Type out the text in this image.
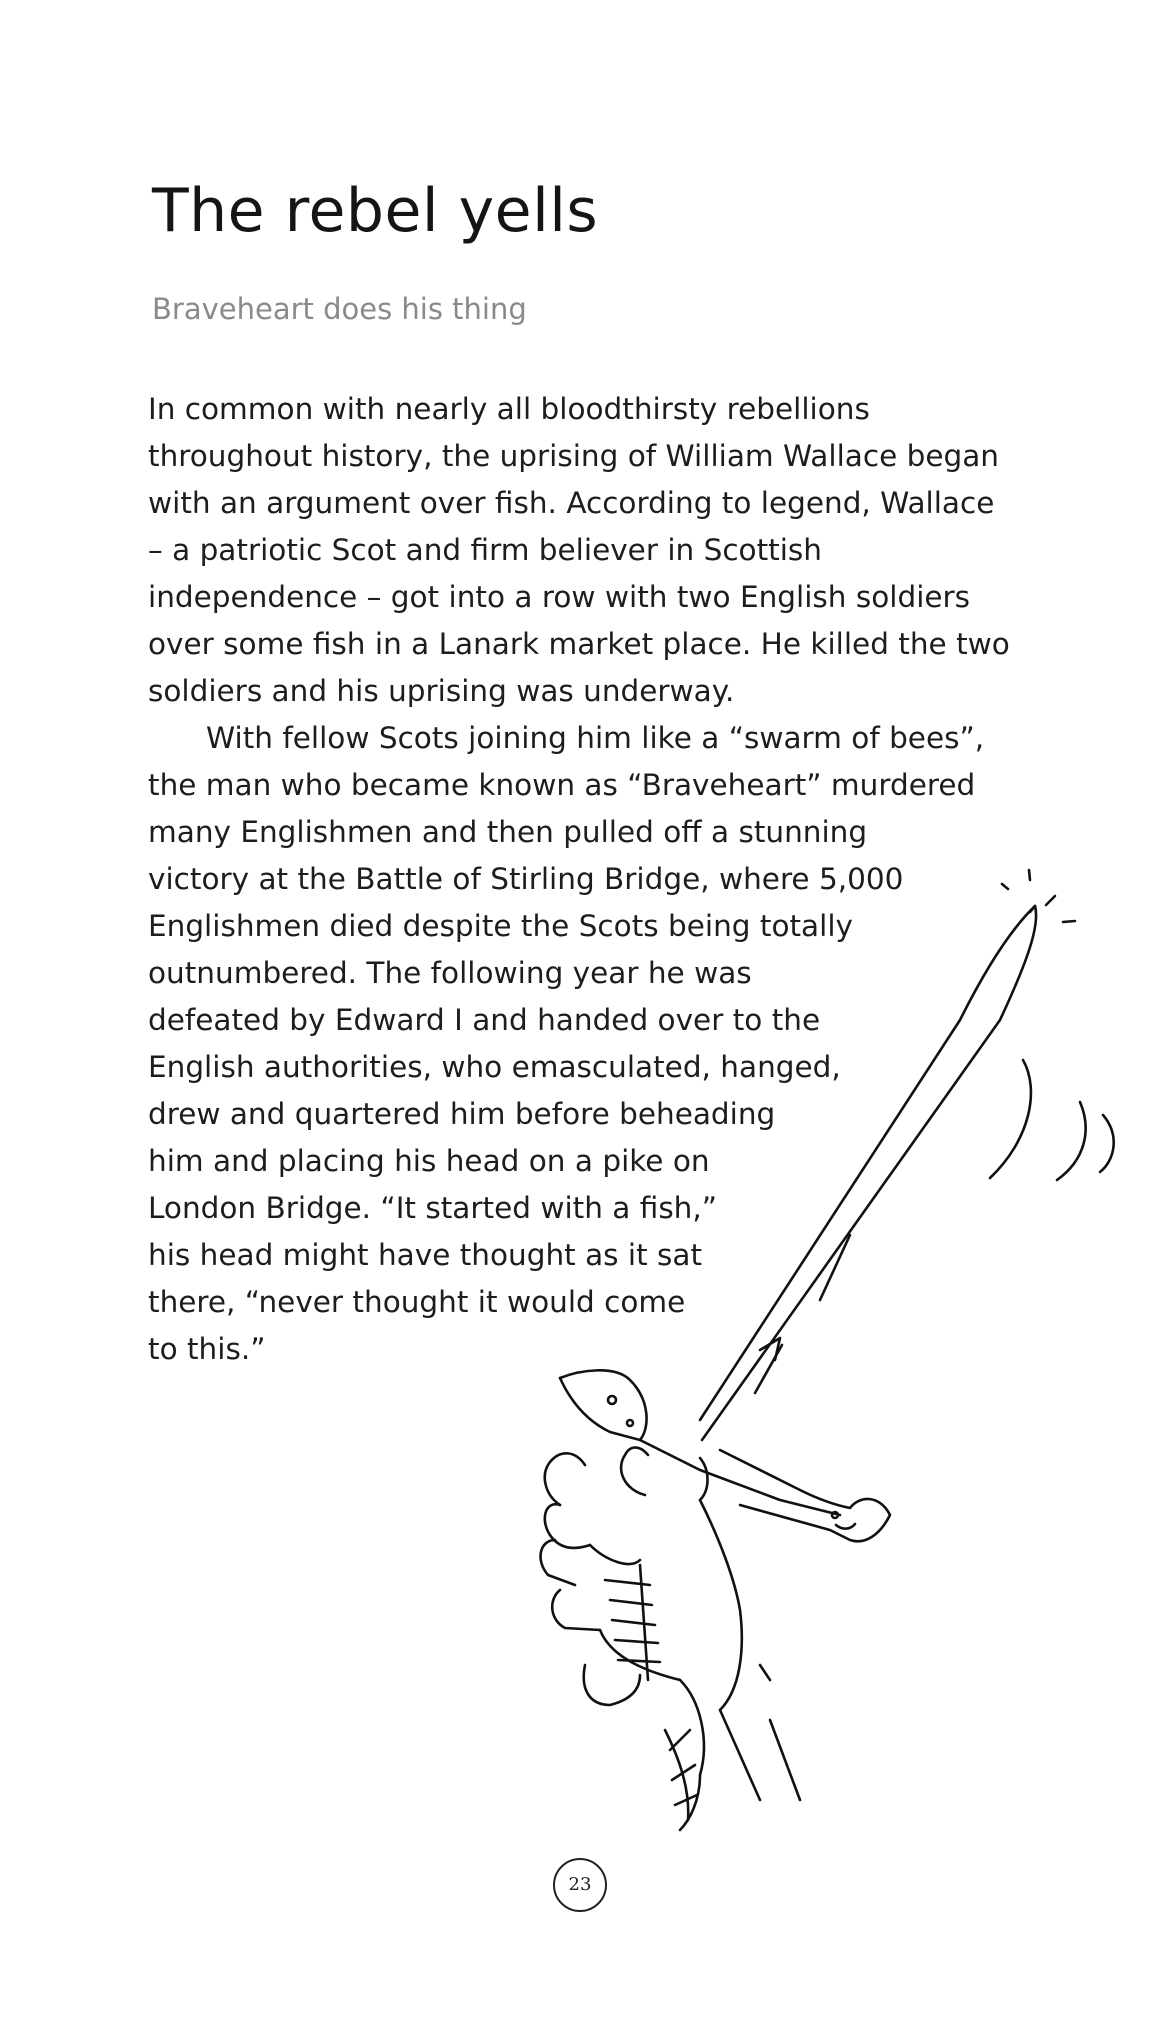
The rebel yells

Braveheart does his thing

In common with nearly all bloodthirsty rebellions
throughout history, the uprising of William Wallace began
with an argument over fish. According to legend, Wallace
– a patriotic Scot and firm believer in Scottish
independence – got into a row with two English soldiers
over some fish in a Lanark market place. He killed the two
soldiers and his uprising was underway.
With fellow Scots joining him like a “swarm of bees”,
the man who became known as “Braveheart” murdered
many Englishmen and then pulled off a stunning
victory at the Battle of Stirling Bridge, where 5,000
Englishmen died despite the Scots being totally
outnumbered. The following year he was
defeated by Edward I and handed over to the
English authorities, who emasculated, hanged,
drew and quartered him before beheading
him and placing his head on a pike on
London Bridge. “It started with a fish,”
his head might have thought as it sat
there, “never thought it would come
to this.”
23
